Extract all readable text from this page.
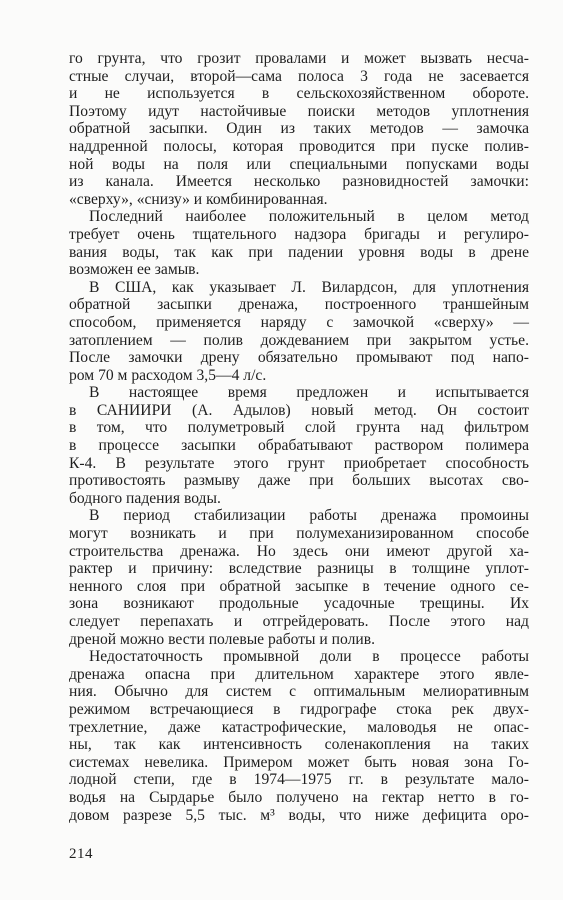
го грунта, что грозит провалами и может вызвать несча-
стные случаи, второй—сама полоса 3 года не засевается
и не используется в сельскохозяйственном обороте.
Поэтому идут настойчивые поиски методов уплотнения
обратной засыпки. Один из таких методов — замочка
наддренной полосы, которая проводится при пуске полив-
ной воды на поля или специальными попусками воды
из канала. Имеется несколько разновидностей замочки:
«сверху», «снизу» и комбинированная.
Последний наиболее положительный в целом метод
требует очень тщательного надзора бригады и регулиро-
вания воды, так как при падении уровня воды в дрене
возможен ее замыв.
В США, как указывает Л. Вилардсон, для уплотнения
обратной засыпки дренажа, построенного траншейным
способом, применяется наряду с замочкой «сверху» —
затоплением — полив дождеванием при закрытом устье.
После замочки дрену обязательно промывают под напо-
ром 70 м расходом 3,5—4 л/с.
В настоящее время предложен и испытывается
в САНИИРИ (А. Адылов) новый метод. Он состоит
в том, что полуметровый слой грунта над фильтром
в процессе засыпки обрабатывают раствором полимера
К-4. В результате этого грунт приобретает способность
противостоять размыву даже при больших высотах сво-
бодного падения воды.
В период стабилизации работы дренажа промоины
могут возникать и при полумеханизированном способе
строительства дренажа. Но здесь они имеют другой ха-
рактер и причину: вследствие разницы в толщине уплот-
ненного слоя при обратной засыпке в течение одного се-
зона возникают продольные усадочные трещины. Их
следует перепахать и отгрейдеровать. После этого над
дреной можно вести полевые работы и полив.
Недостаточность промывной доли в процессе работы
дренажа опасна при длительном характере этого явле-
ния. Обычно для систем с оптимальным мелиоративным
режимом встречающиеся в гидрографе стока рек двух-
трехлетние, даже катастрофические, маловодья не опас-
ны, так как интенсивность соленакопления на таких
системах невелика. Примером может быть новая зона Го-
лодной степи, где в 1974—1975 гг. в результате мало-
водья на Сырдарье было получено на гектар нетто в го-
довом разрезе 5,5 тыс. м³ воды, что ниже дефицита оро-
214
